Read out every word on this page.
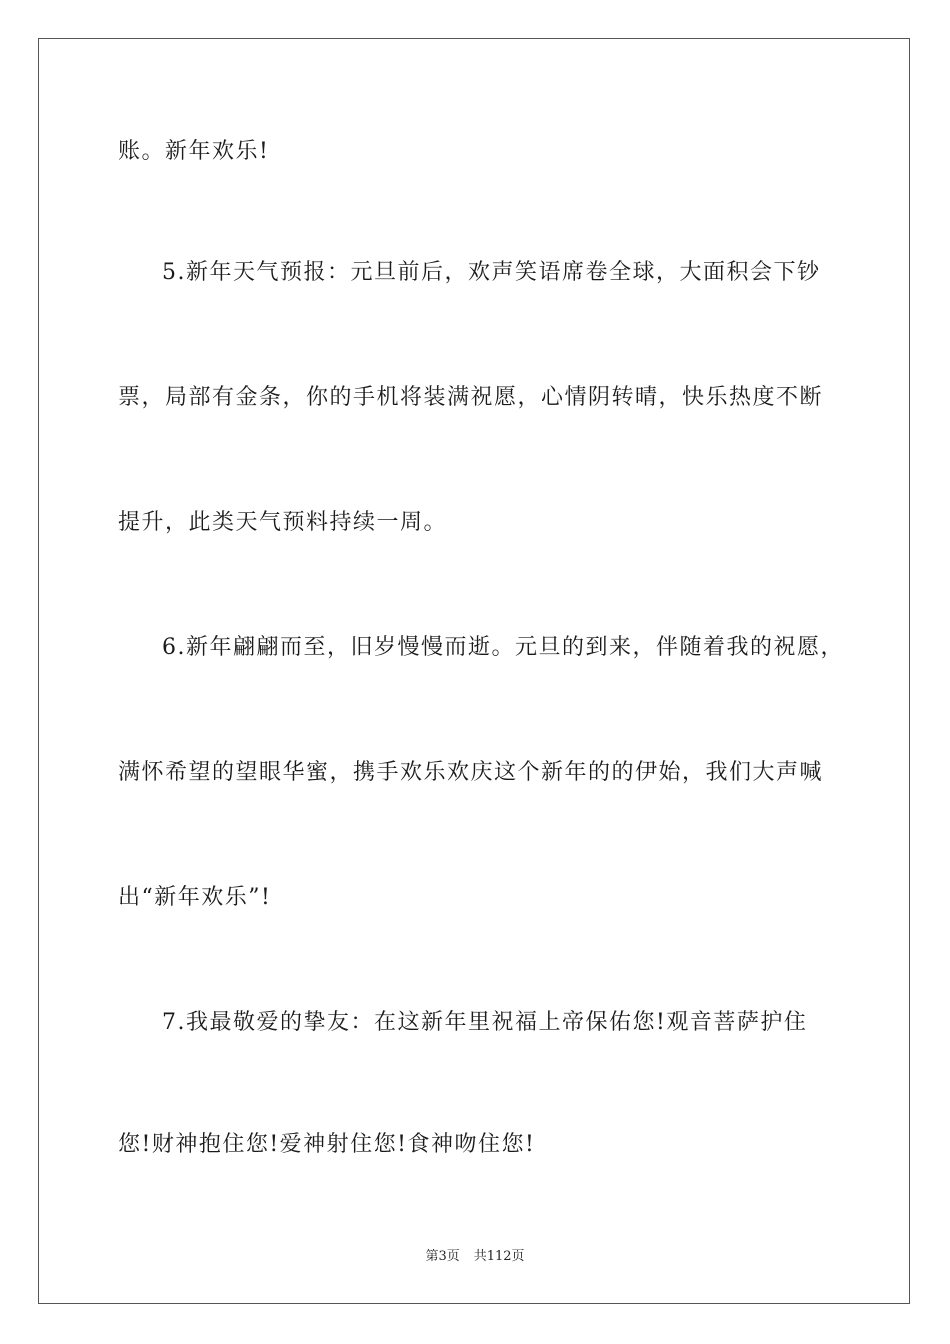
账。新年欢乐!
5.新年天气预报：元旦前后，欢声笑语席卷全球，大面积会下钞
票，局部有金条，你的手机将装满祝愿，心情阴转晴，快乐热度不断
提升，此类天气预料持续一周。
6.新年翩翩而至，旧岁慢慢而逝。元旦的到来，伴随着我的祝愿，
满怀希望的望眼华蜜，携手欢乐欢庆这个新年的的伊始，我们大声喊
出“新年欢乐”!
7.我最敬爱的挚友：在这新年里祝福上帝保佑您!观音菩萨护住
您!财神抱住您!爱神射住您!食神吻住您!
第3页 共112页
